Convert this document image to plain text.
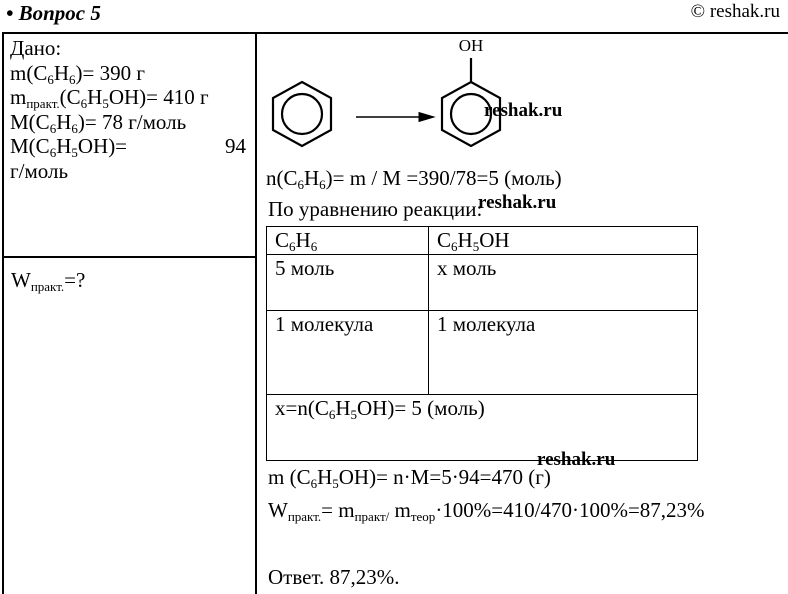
• Вопрос 5	© reshak.ru
Дано:
$m(C_6H_6)= 390$ г
$m_{практ.}(C_6H_5OH)= 410$ г
$M(C_6H_6)= 78$ г/моль
$M(C_6H_5OH)=$	94
г/моль
$W_{практ.}=$?
OH
reshak.ru
reshak.ru
reshak.ru
$n(C_6H_6)= m / M =390/78=5$ (моль)
По уравнению реакции:
$C_6H_6$	$C_6H_5OH$
5 моль	х моль
1 молекула	1 молекула
$x=n(C_6H_5OH)= 5$ (моль)	
m $(C_6H_5OH)= n\cdot M=5\cdot 94=470$ (г)
$W_{практ.}= m_{практ/}$ $m_{теор}\cdot 100\%=410/470\cdot 100\%=87,23\%$
Ответ. 87,23%.
